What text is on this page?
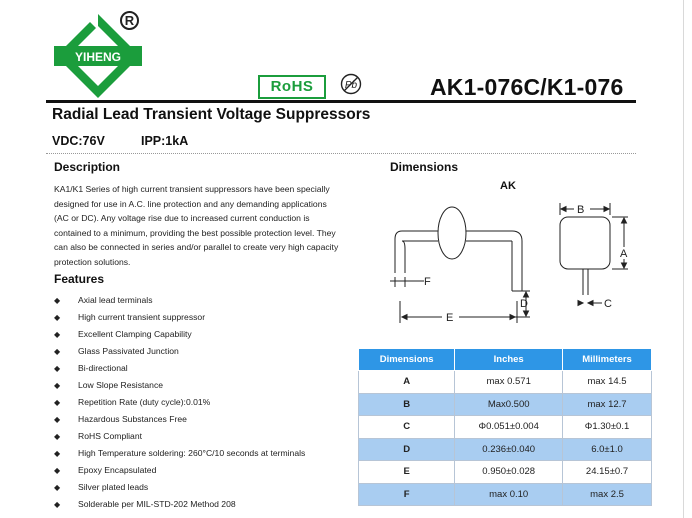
YIHENG
R
RoHS	Pb	AK1-076C/K1-076
Radial Lead Transient Voltage Suppressors
VDC:76V	IPP:1kA
Description
KA1/K1 Series of high current transient suppressors have been specially
designed for use in A.C. line protection and any demanding applications
(AC or DC). Any voltage rise due to increased current conduction is
contained to a minimum, providing the best possible protection level. They
can also be connected in series and/or parallel to create very high capacity
protection solutions.
Features
◆	Axial lead terminals
◆	High current transient suppressor
◆	Excellent Clamping Capability
◆	Glass Passivated Junction
◆	Bi-directional
◆	Low Slope Resistance
◆	Repetition Rate (duty cycle):0.01%
◆	Hazardous Substances Free
◆	RoHS Compliant
◆	High Temperature soldering: 260°C/10 seconds at terminals
◆	Epoxy Encapsulated
◆	Silver plated leads
◆	Solderable per MIL-STD-202 Method 208
Dimensions
AK
F
E
D
B
A
C
Dimensions	Inches	Millimeters
A	max 0.571	max 14.5
B	Max0.500	max 12.7
C	Φ0.051±0.004	Φ1.30±0.1
D	0.236±0.040	6.0±1.0
E	0.950±0.028	24.15±0.7
F	max 0.10	max 2.5
